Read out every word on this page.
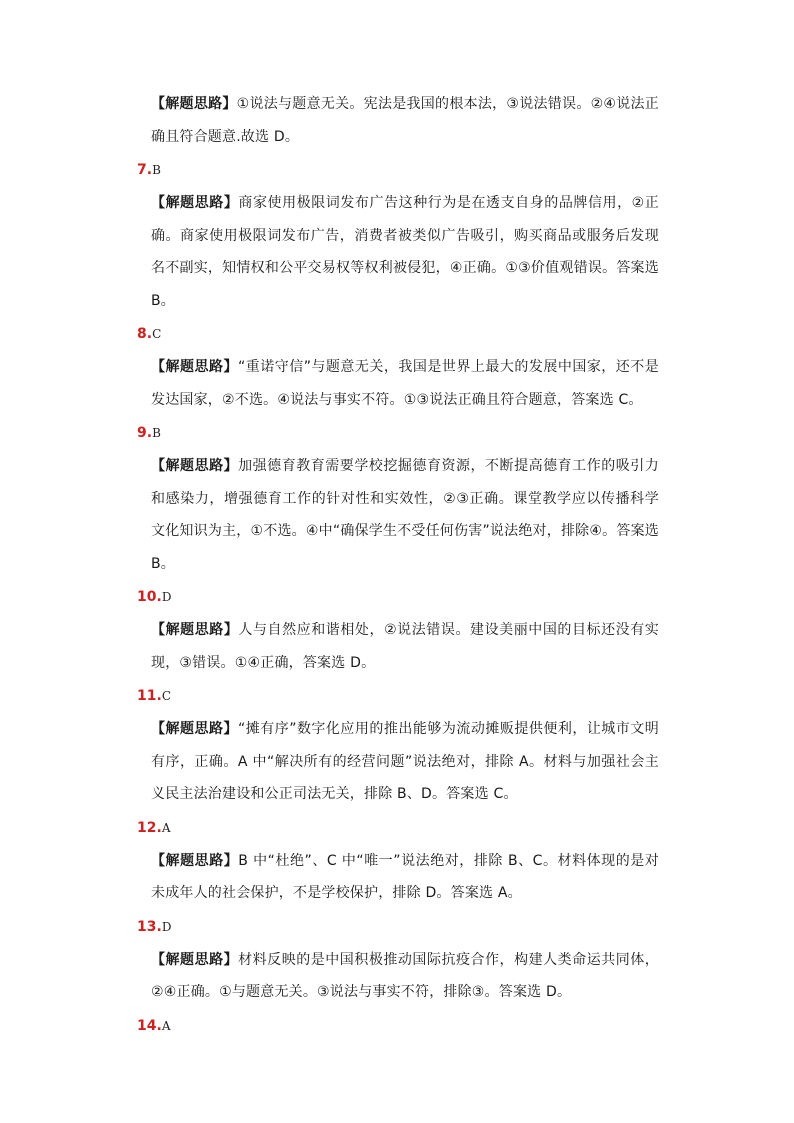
【解题思路】①说法与题意无关。宪法是我国的根本法，③说法错误。②④说法正确且符合题意.故选 D。

7.B

【解题思路】商家使用极限词发布广告这种行为是在透支自身的品牌信用，②正确。商家使用极限词发布广告，消费者被类似广告吸引，购买商品或服务后发现名不副实，知情权和公平交易权等权利被侵犯，④正确。①③价值观错误。答案选 B。

8.C

【解题思路】“重诺守信”与题意无关，我国是世界上最大的发展中国家，还不是发达国家，②不选。④说法与事实不符。①③说法正确且符合题意，答案选 C。

9.B

【解题思路】加强德育教育需要学校挖掘德育资源，不断提高德育工作的吸引力和感染力，增强德育工作的针对性和实效性，②③正确。课堂教学应以传播科学文化知识为主，①不选。④中“确保学生不受任何伤害”说法绝对，排除④。答案选 B。

10.D

【解题思路】人与自然应和谐相处，②说法错误。建设美丽中国的目标还没有实现，③错误。①④正确，答案选 D。

11.C

【解题思路】“摊有序”数字化应用的推出能够为流动摊贩提供便利，让城市文明有序，正确。A 中“解决所有的经营问题”说法绝对，排除 A。材料与加强社会主义民主法治建设和公正司法无关，排除 B、D。答案选 C。

12.A

【解题思路】B 中“杜绝”、C 中“唯一”说法绝对，排除 B、C。材料体现的是对未成年人的社会保护，不是学校保护，排除 D。答案选 A。

13.D

【解题思路】材料反映的是中国积极推动国际抗疫合作，构建人类命运共同体，②④正确。①与题意无关。③说法与事实不符，排除③。答案选 D。

14.A
